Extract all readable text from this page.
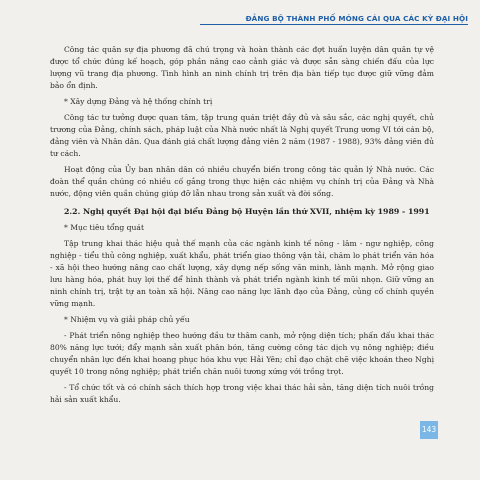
ĐẢNG BỘ THÀNH PHỐ MÓNG CÁI QUA CÁC KỲ ĐẠI HỘI

Công tác quân sự địa phương đã chú trọng và hoàn thành các đợt huấn luyện dân quân tự vệ được tổ chức đúng kế hoạch, góp phần nâng cao cảnh giác và được sẵn sàng chiến đấu của lực lượng vũ trang địa phương. Tình hình an ninh chính trị trên địa bàn tiếp tục được giữ vững đảm bảo ổn định.

* Xây dựng Đảng và hệ thống chính trị

Công tác tư tưởng được quan tâm, tập trung quán triệt đầy đủ và sâu sắc, các nghị quyết, chủ trương của Đảng, chính sách, pháp luật của Nhà nước nhất là Nghị quyết Trung ương VI tới cán bộ, đảng viên và Nhân dân. Qua đánh giá chất lượng đảng viên 2 năm (1987 - 1988), 93% đảng viên đủ tư cách.

Hoạt động của Ủy ban nhân dân có nhiều chuyển biến trong công tác quản lý Nhà nước. Các đoàn thể quần chúng có nhiều cố gắng trong thực hiện các nhiệm vụ chính trị của Đảng và Nhà nước, động viên quần chúng giúp đỡ lẫn nhau trong sản xuất và đời sống.

2.2. Nghị quyết Đại hội đại biểu Đảng bộ Huyện lần thứ XVII, nhiệm kỳ 1989 - 1991

* Mục tiêu tổng quát

Tập trung khai thác hiệu quả thế mạnh của các ngành kinh tế nông - lâm - ngư nghiệp, công nghiệp - tiểu thủ công nghiệp, xuất khẩu, phát triển giao thông vận tải, chăm lo phát triển văn hóa - xã hội theo hướng nâng cao chất lượng, xây dựng nếp sống văn minh, lành mạnh. Mở rộng giao lưu hàng hóa, phát huy lợi thế để hình thành và phát triển ngành kinh tế mũi nhọn. Giữ vững an ninh chính trị, trật tự an toàn xã hội. Nâng cao năng lực lãnh đạo của Đảng, củng cố chính quyền vững mạnh.

* Nhiệm vụ và giải pháp chủ yếu

- Phát triển nông nghiệp theo hướng đầu tư thâm canh, mở rộng diện tích; phấn đấu khai thác 80% năng lực tưới; đẩy mạnh sản xuất phân bón, tăng cường công tác dịch vụ nông nghiệp; điều chuyển nhân lực đến khai hoang phục hóa khu vực Hải Yên; chỉ đạo chặt chẽ việc khoán theo Nghị quyết 10 trong nông nghiệp; phát triển chăn nuôi tương xứng với trồng trọt.

- Tổ chức tốt và có chính sách thích hợp trong việc khai thác hải sản, tăng diện tích nuôi trồng hải sản xuất khẩu.

143
